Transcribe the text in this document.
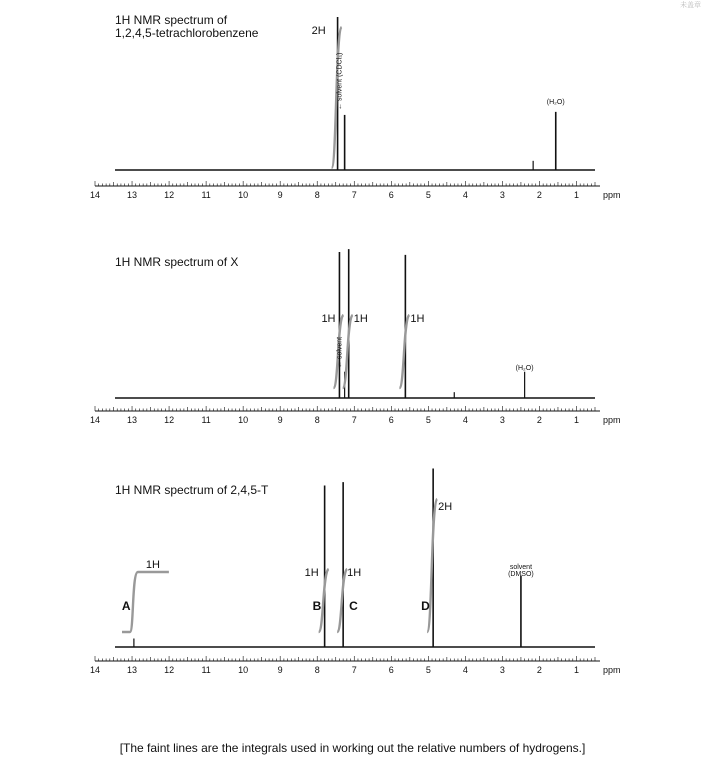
未盖章
1H NMR spectrum of
1,2,4,5-tetrachlorobenzene
14	13	12	11	10	9	8	7	6	5	4	3	2	1	ppm
2H
← solvent (CDCl₃)	(H₂O)
1H NMR spectrum of X
14	13	12	11	10	9	8	7	6	5	4	3	2	1	ppm
1H 1H	1H
← solvent
(H₂O)
1H NMR spectrum of 2,4,5-T
14	13	12	11	10	9	8	7	6	5	4	3	2	1	ppm
1H
1H	1H
2H
A	B C	D
solvent
(DMSO)
[The faint lines are the integrals used in working out the relative numbers of hydrogens.]
